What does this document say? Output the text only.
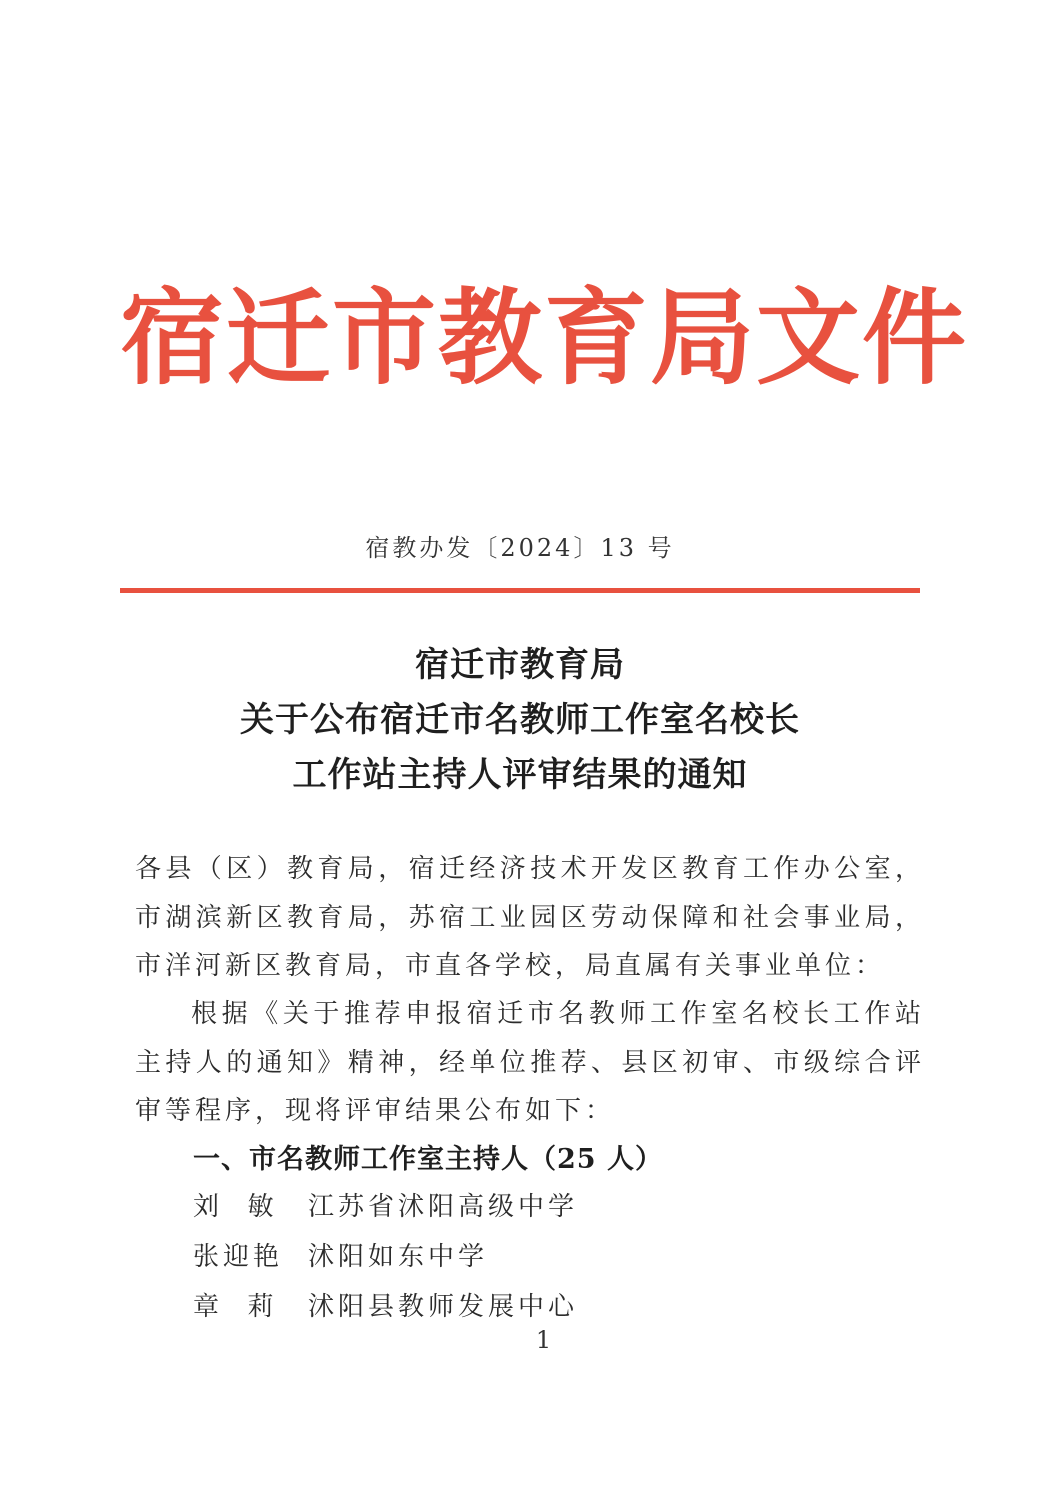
宿迁市教育局文件
宿教办发〔2024〕13 号
宿迁市教育局
关于公布宿迁市名教师工作室名校长
工作站主持人评审结果的通知
各县（区）教育局，宿迁经济技术开发区教育工作办公室，市湖滨新区教育局，苏宿工业园区劳动保障和社会事业局，市洋河新区教育局，市直各学校，局直属有关事业单位：
根据《关于推荐申报宿迁市名教师工作室名校长工作站主持人的通知》精神，经单位推荐、县区初审、市级综合评审等程序，现将评审结果公布如下：
一、市名教师工作室主持人（25 人）
刘  敏 江苏省沭阳高级中学
张迎艳 沭阳如东中学
章  莉 沭阳县教师发展中心
1
